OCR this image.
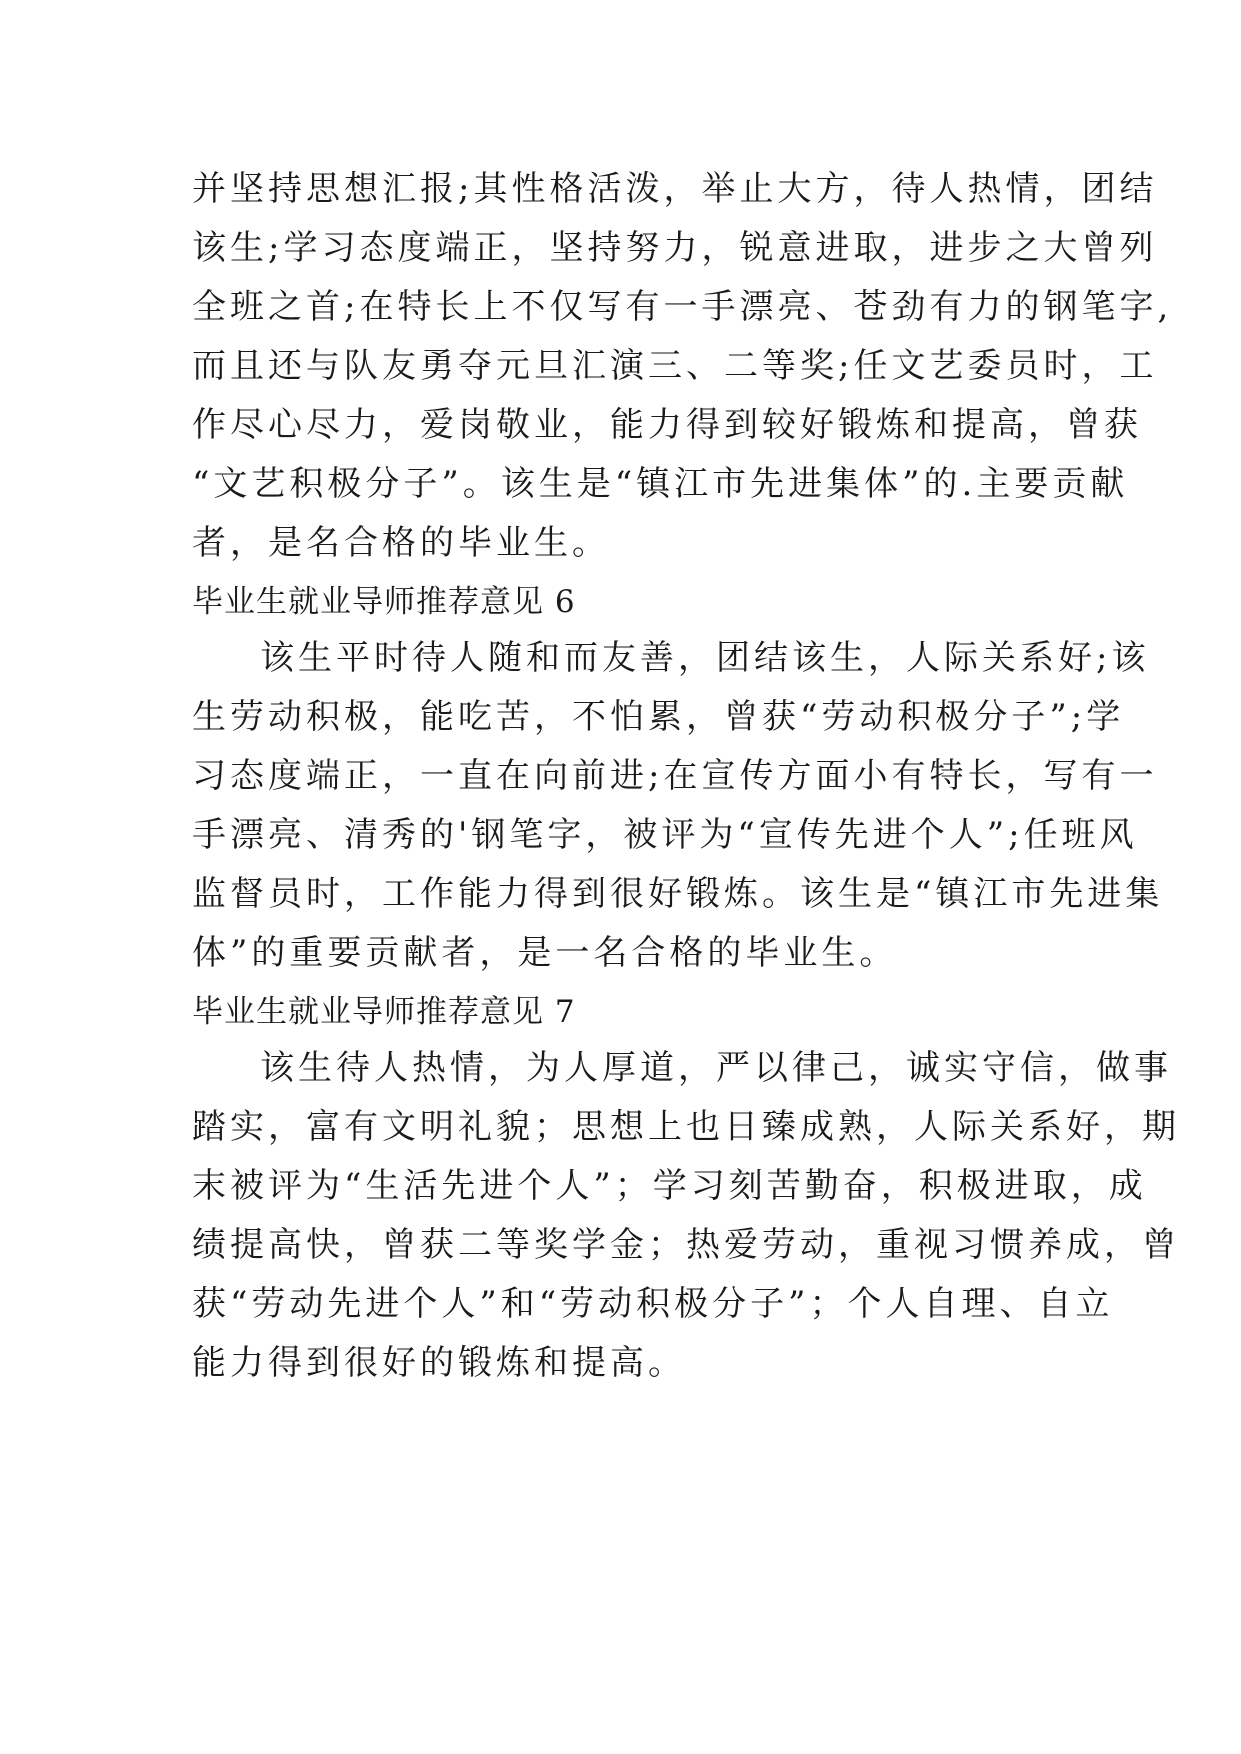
并坚持思想汇报;其性格活泼，举止大方，待人热情，团结
该生;学习态度端正，坚持努力，锐意进取，进步之大曾列
全班之首;在特长上不仅写有一手漂亮、苍劲有力的钢笔字,
而且还与队友勇夺元旦汇演三、二等奖;任文艺委员时，工
作尽心尽力，爱岗敬业，能力得到较好锻炼和提高，曾获
“文艺积极分子”。该生是“镇江市先进集体”的.主要贡献
者，是名合格的毕业生。
毕业生就业导师推荐意见 6
该生平时待人随和而友善，团结该生，人际关系好;该
生劳动积极，能吃苦，不怕累，曾获“劳动积极分子”;学
习态度端正，一直在向前进;在宣传方面小有特长，写有一
手漂亮、清秀的'钢笔字，被评为“宣传先进个人”;任班风
监督员时，工作能力得到很好锻炼。该生是“镇江市先进集
体”的重要贡献者，是一名合格的毕业生。
毕业生就业导师推荐意见 7
该生待人热情，为人厚道，严以律己，诚实守信，做事
踏实，富有文明礼貌；思想上也日臻成熟，人际关系好，期
末被评为“生活先进个人”；学习刻苦勤奋，积极进取，成
绩提高快，曾获二等奖学金；热爱劳动，重视习惯养成，曾
获“劳动先进个人”和“劳动积极分子”；个人自理、自立
能力得到很好的锻炼和提高。
